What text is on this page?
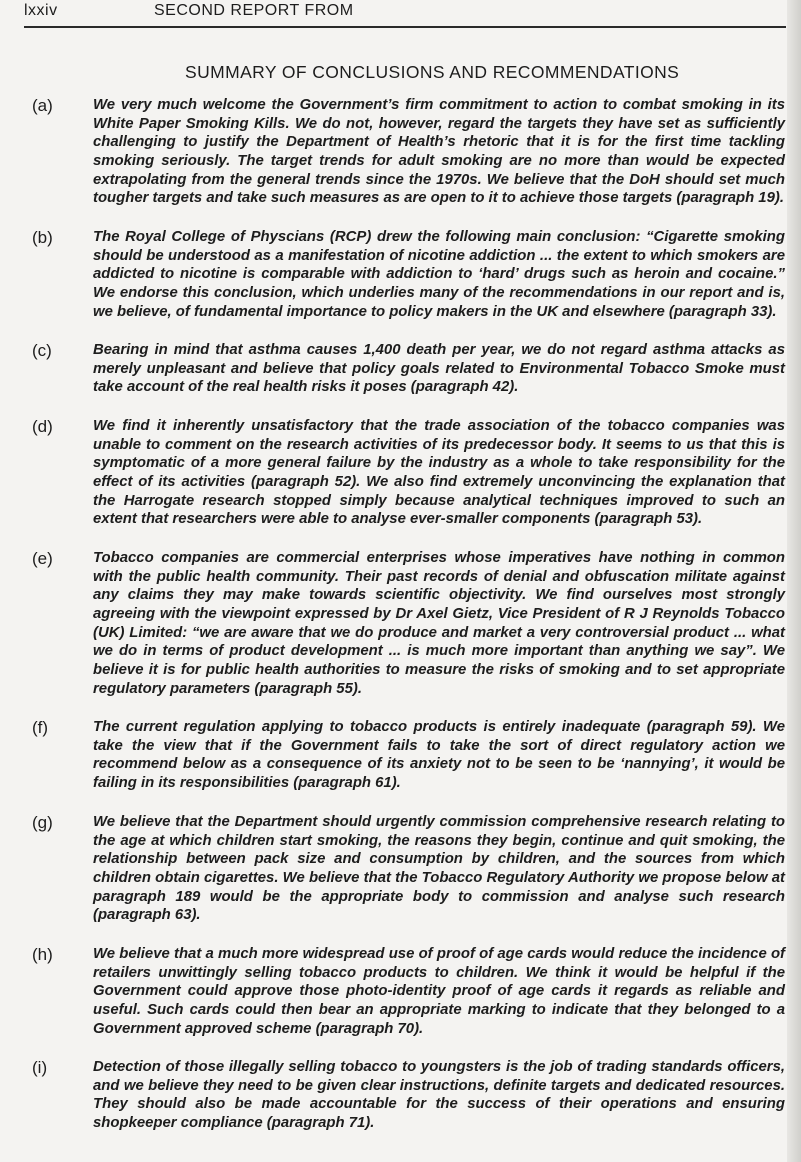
lxxiv	SECOND REPORT FROM
SUMMARY OF CONCLUSIONS AND RECOMMENDATIONS
(a)	We very much welcome the Government’s firm commitment to action to combat smoking in its White Paper Smoking Kills. We do not, however, regard the targets they have set as sufficiently challenging to justify the Department of Health’s rhetoric that it is for the first time tackling smoking seriously. The target trends for adult smoking are no more than would be expected extrapolating from the general trends since the 1970s. We believe that the DoH should set much tougher targets and take such measures as are open to it to achieve those targets (paragraph 19).

(b)	The Royal College of Physcians (RCP) drew the following main conclusion: “Cigarette smoking should be understood as a manifestation of nicotine addiction ... the extent to which smokers are addicted to nicotine is comparable with addiction to ‘hard’ drugs such as heroin and cocaine.” We endorse this conclusion, which underlies many of the recommendations in our report and is, we believe, of fundamental importance to policy makers in the UK and elsewhere (paragraph 33).

(c)	Bearing in mind that asthma causes 1,400 death per year, we do not regard asthma attacks as merely unpleasant and believe that policy goals related to Environmental Tobacco Smoke must take account of the real health risks it poses (paragraph 42).

(d)	We find it inherently unsatisfactory that the trade association of the tobacco companies was unable to comment on the research activities of its predecessor body. It seems to us that this is symptomatic of a more general failure by the industry as a whole to take responsibility for the effect of its activities (paragraph 52). We also find extremely unconvincing the explanation that the Harrogate research stopped simply because analytical techniques improved to such an extent that researchers were able to analyse ever-smaller components (paragraph 53).

(e)	Tobacco companies are commercial enterprises whose imperatives have nothing in common with the public health community. Their past records of denial and obfuscation militate against any claims they may make towards scientific objectivity. We find ourselves most strongly agreeing with the viewpoint expressed by Dr Axel Gietz, Vice President of R J Reynolds Tobacco (UK) Limited: “we are aware that we do produce and market a very controversial product ... what we do in terms of product development ... is much more important than anything we say”. We believe it is for public health authorities to measure the risks of smoking and to set appropriate regulatory parameters (paragraph 55).

(f)	The current regulation applying to tobacco products is entirely inadequate (paragraph 59). We take the view that if the Government fails to take the sort of direct regulatory action we recommend below as a consequence of its anxiety not to be seen to be ‘nannying’, it would be failing in its responsibilities (paragraph 61).

(g)	We believe that the Department should urgently commission comprehensive research relating to the age at which children start smoking, the reasons they begin, continue and quit smoking, the relationship between pack size and consumption by children, and the sources from which children obtain cigarettes. We believe that the Tobacco Regulatory Authority we propose below at paragraph 189 would be the appropriate body to commission and analyse such research (paragraph 63).

(h)	We believe that a much more widespread use of proof of age cards would reduce the incidence of retailers unwittingly selling tobacco products to children. We think it would be helpful if the Government could approve those photo-identity proof of age cards it regards as reliable and useful. Such cards could then bear an appropriate marking to indicate that they belonged to a Government approved scheme (paragraph 70).

(i)	Detection of those illegally selling tobacco to youngsters is the job of trading standards officers, and we believe they need to be given clear instructions, definite targets and dedicated resources. They should also be made accountable for the success of their operations and ensuring shopkeeper compliance (paragraph 71).
